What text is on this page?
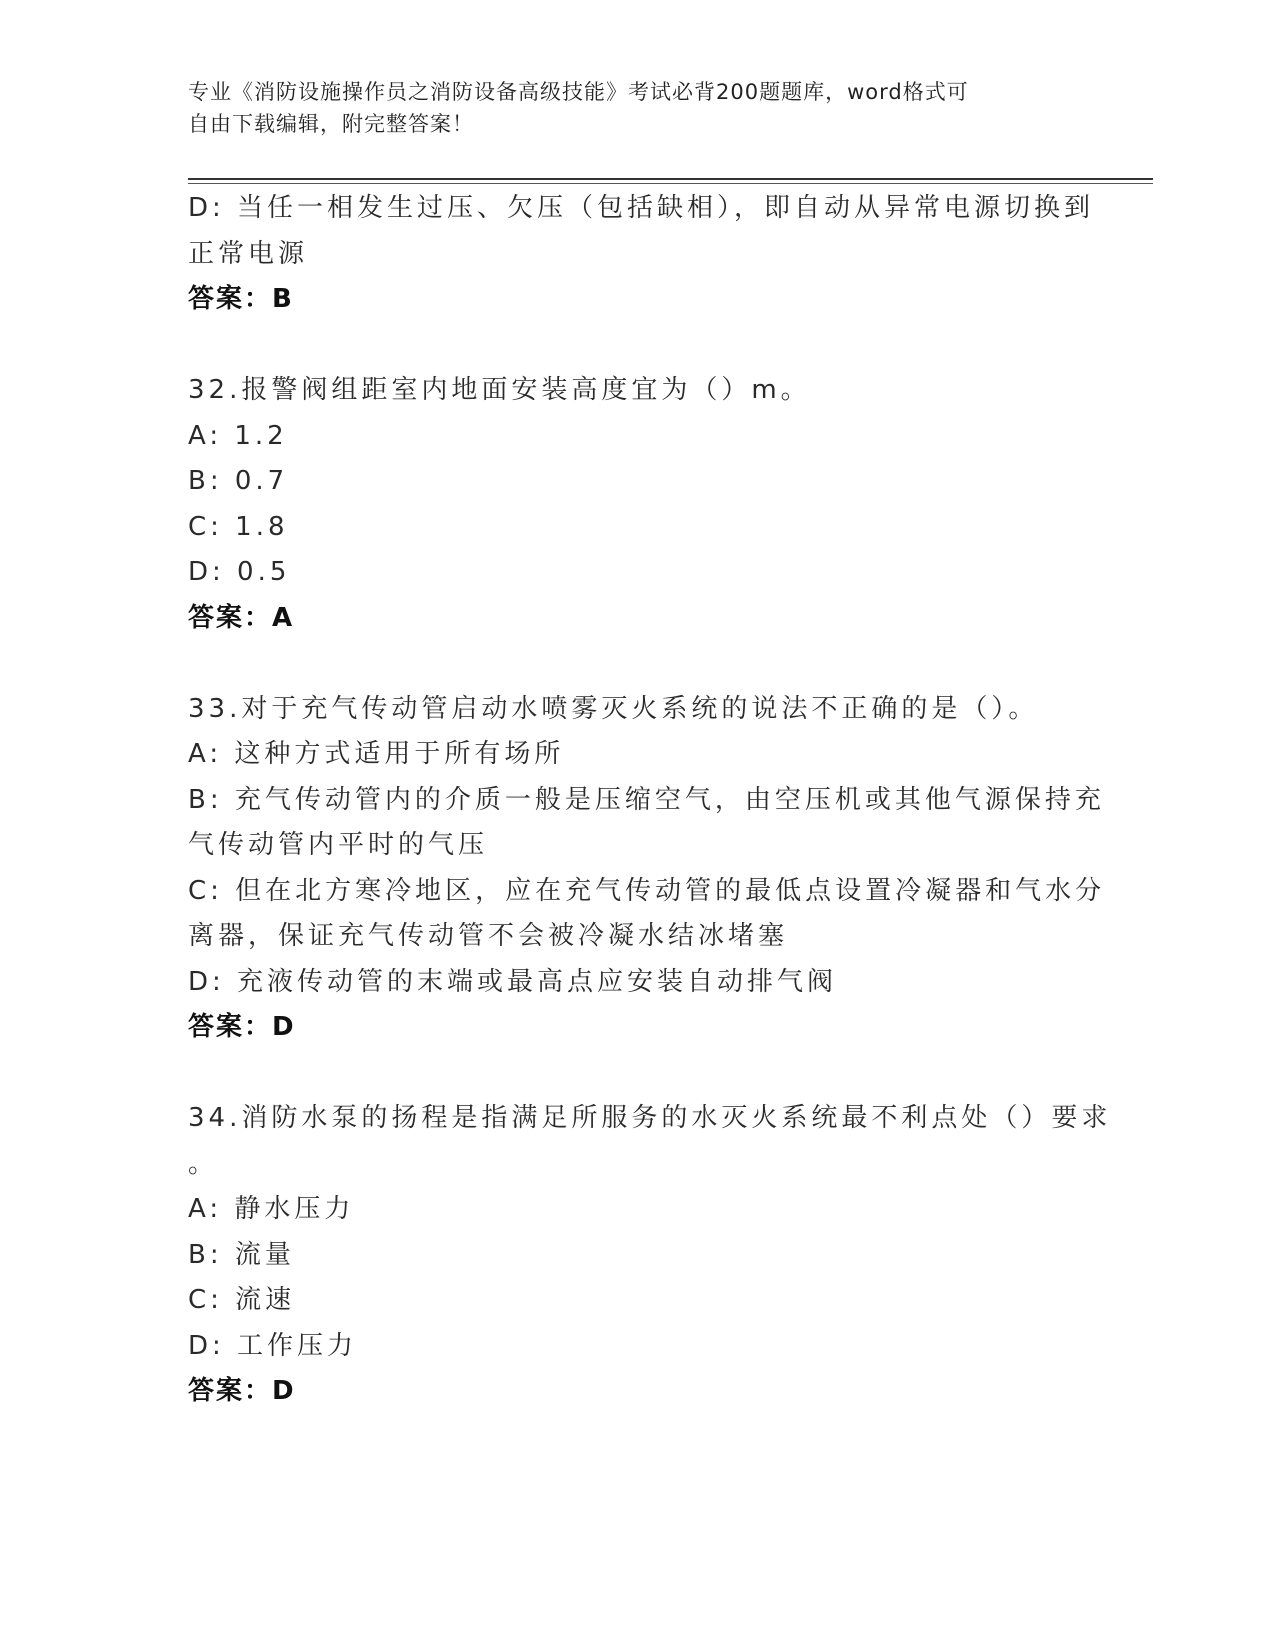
专业《消防设施操作员之消防设备高级技能》考试必背200题题库，word格式可
自由下载编辑，附完整答案！
D: 当任一相发生过压、欠压（包括缺相），即自动从异常电源切换到
正常电源
答案：B
32.报警阀组距室内地面安装高度宜为（）m。
A: 1.2
B: 0.7
C: 1.8
D: 0.5
答案：A
33.对于充气传动管启动水喷雾灭火系统的说法不正确的是（）。
A: 这种方式适用于所有场所
B: 充气传动管内的介质一般是压缩空气，由空压机或其他气源保持充
气传动管内平时的气压
C: 但在北方寒冷地区，应在充气传动管的最低点设置冷凝器和气水分
离器，保证充气传动管不会被冷凝水结冰堵塞
D: 充液传动管的末端或最高点应安装自动排气阀
答案：D
34.消防水泵的扬程是指满足所服务的水灭火系统最不利点处（）要求
。
A: 静水压力
B: 流量
C: 流速
D: 工作压力
答案：D
